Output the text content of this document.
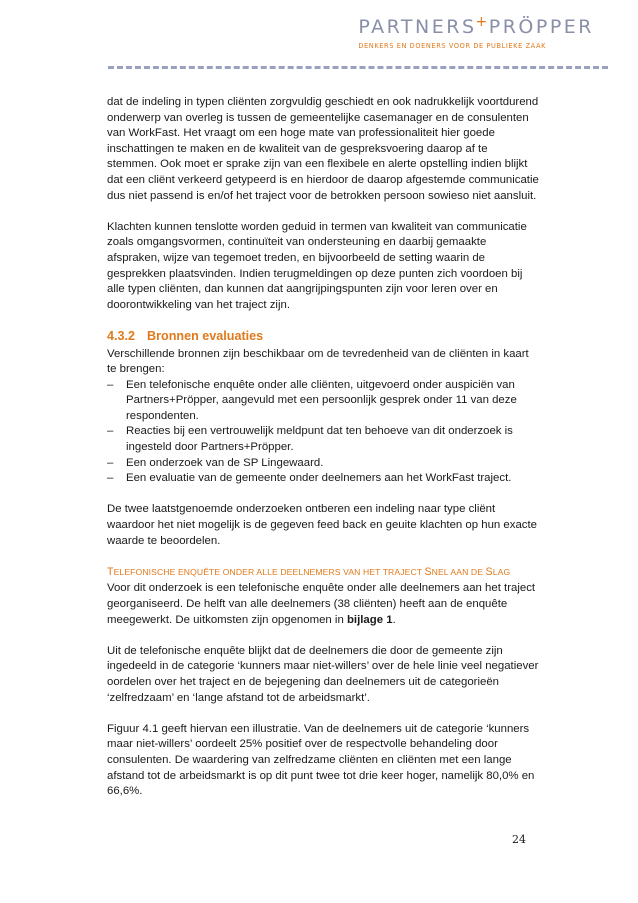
PARTNERS+PRÖPPER
DENKERS EN DOENERS VOOR DE PUBLIEKE ZAAK

dat de indeling in typen cliënten zorgvuldig geschiedt en ook nadrukkelijk voortdurend onderwerp van overleg is tussen de gemeentelijke casemanager en de consulenten van WorkFast. Het vraagt om een hoge mate van professionaliteit hier goede inschattingen te maken en de kwaliteit van de gespreksvoering daarop af te stemmen. Ook moet er sprake zijn van een flexibele en alerte opstelling indien blijkt dat een cliënt verkeerd getypeerd is en hierdoor de daarop afgestemde communicatie dus niet passend is en/of het traject voor de betrokken persoon sowieso niet aansluit.

Klachten kunnen tenslotte worden geduid in termen van kwaliteit van communicatie zoals omgangsvormen, continuïteit van ondersteuning en daarbij gemaakte afspraken, wijze van tegemoet treden, en bijvoorbeeld de setting waarin de gesprekken plaatsvinden. Indien terugmeldingen op deze punten zich voordoen bij alle typen cliënten, dan kunnen dat aangrijpingspunten zijn voor leren over en doorontwikkeling van het traject zijn.

4.3.2 Bronnen evaluaties
Verschillende bronnen zijn beschikbaar om de tevredenheid van de cliënten in kaart te brengen:
– Een telefonische enquête onder alle cliënten, uitgevoerd onder auspiciën van Partners+Pröpper, aangevuld met een persoonlijk gesprek onder 11 van deze respondenten.
– Reacties bij een vertrouwelijk meldpunt dat ten behoeve van dit onderzoek is ingesteld door Partners+Pröpper.
– Een onderzoek van de SP Lingewaard.
– Een evaluatie van de gemeente onder deelnemers aan het WorkFast traject.

De twee laatstgenoemde onderzoeken ontberen een indeling naar type cliënt waardoor het niet mogelijk is de gegeven feed back en geuite klachten op hun exacte waarde te beoordelen.

TELEFONISCHE ENQUÊTE ONDER ALLE DEELNEMERS VAN HET TRAJECT SNEL AAN DE SLAG

Voor dit onderzoek is een telefonische enquête onder alle deelnemers aan het traject georganiseerd. De helft van alle deelnemers (38 cliënten) heeft aan de enquête meegewerkt. De uitkomsten zijn opgenomen in bijlage 1.

Uit de telefonische enquête blijkt dat de deelnemers die door de gemeente zijn ingedeeld in de categorie ‘kunners maar niet-willers’ over de hele linie veel negatiever oordelen over het traject en de bejegening dan deelnemers uit de categorieën ‘zelfredzaam’ en ‘lange afstand tot de arbeidsmarkt’.

Figuur 4.1 geeft hiervan een illustratie. Van de deelnemers uit de categorie ‘kunners maar niet-willers’ oordeelt 25% positief over de respectvolle behandeling door consulenten. De waardering van zelfredzame cliënten en cliënten met een lange afstand tot de arbeidsmarkt is op dit punt twee tot drie keer hoger, namelijk 80,0% en 66,6%.

24
